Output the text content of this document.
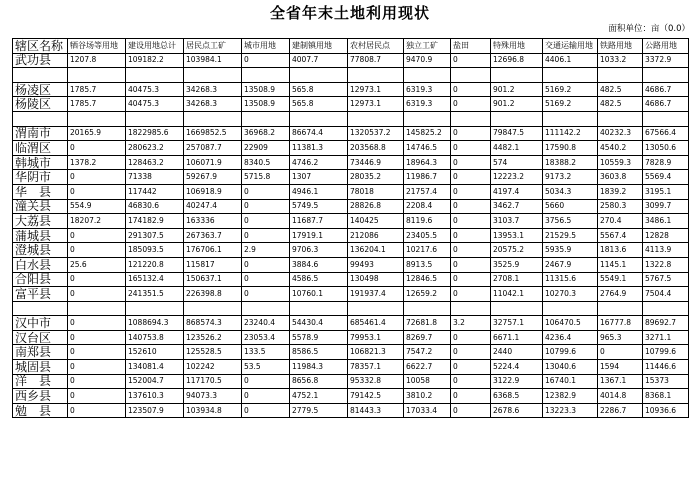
全省年末土地利用现状
面积单位：亩（0.0）
辖区名称	牺谷场等用地	建设用地总计	居民点工矿	城市用地	建制镇用地	农村居民点	独立工矿	盐田	特殊用地	交通运输用地	铁路用地	公路用地
武功县	1207.8	109182.2	103984.1	0	4007.7	77808.7	9470.9	0	12696.8	4406.1	1033.2	3372.9

杨凌区	1785.7	40475.3	34268.3	13508.9	565.8	12973.1	6319.3	0	901.2	5169.2	482.5	4686.7
杨陵区	1785.7	40475.3	34268.3	13508.9	565.8	12973.1	6319.3	0	901.2	5169.2	482.5	4686.7

渭南市	20165.9	1822985.6	1669852.5	36968.2	86674.4	1320537.2	145825.2	0	79847.5	111142.2	40232.3	67566.4
临渭区	0	280623.2	257087.7	22909	11381.3	203568.8	14746.5	0	4482.1	17590.8	4540.2	13050.6
韩城市	1378.2	128463.2	106071.9	8340.5	4746.2	73446.9	18964.3	0	574	18388.2	10559.3	7828.9
华阴市	0	71338	59267.9	5715.8	1307	28035.2	11986.7	0	12223.2	9173.2	3603.8	5569.4
华　县	0	117442	106918.9	0	4946.1	78018	21757.4	0	4197.4	5034.3	1839.2	3195.1
潼关县	554.9	46830.6	40247.4	0	5749.5	28826.8	2208.4	0	3462.7	5660	2580.3	3099.7
大荔县	18207.2	174182.9	163336	0	11687.7	140425	8119.6	0	3103.7	3756.5	270.4	3486.1
蒲城县	0	291307.5	267363.7	0	17919.1	212086	23405.5	0	13953.1	21529.5	5567.4	12828
澄城县	0	185093.5	176706.1	2.9	9706.3	136204.1	10217.6	0	20575.2	5935.9	1813.6	4113.9
白水县	25.6	121220.8	115817	0	3884.6	99493	8913.5	0	3525.9	2467.9	1145.1	1322.8
合阳县	0	165132.4	150637.1	0	4586.5	130498	12846.5	0	2708.1	11315.6	5549.1	5767.5
富平县	0	241351.5	226398.8	0	10760.1	191937.4	12659.2	0	11042.1	10270.3	2764.9	7504.4

汉中市	0	1088694.3	868574.3	23240.4	54430.4	685461.4	72681.8	3.2	32757.1	106470.5	16777.8	89692.7
汉台区	0	140753.8	123526.2	23053.4	5578.9	79953.1	8269.7	0	6671.1	4236.4	965.3	3271.1
南郑县	0	152610	125528.5	133.5	8586.5	106821.3	7547.2	0	2440	10799.6	0	10799.6
城固县	0	134081.4	102242	53.5	11984.3	78357.1	6622.7	0	5224.4	13040.6	1594	11446.6
洋　县	0	152004.7	117170.5	0	8656.8	95332.8	10058	0	3122.9	16740.1	1367.1	15373
西乡县	0	137610.3	94073.3	0	4752.1	79142.5	3810.2	0	6368.5	12382.9	4014.8	8368.1
勉　县	0	123507.9	103934.8	0	2779.5	81443.3	17033.4	0	2678.6	13223.3	2286.7	10936.6
